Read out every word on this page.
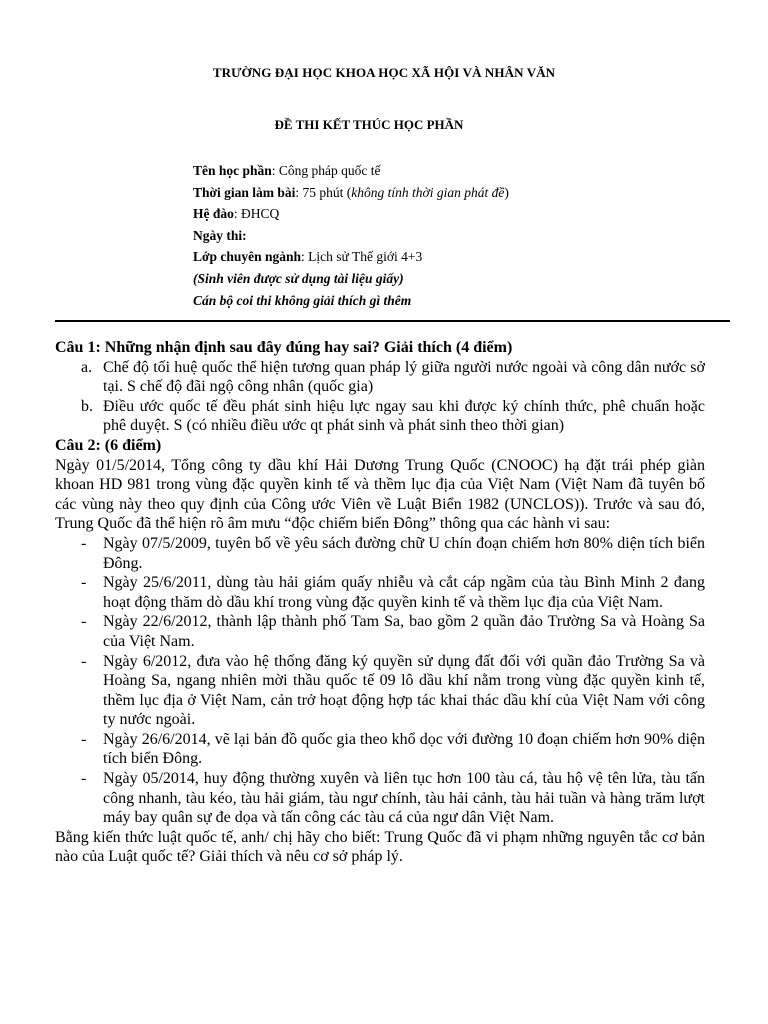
TRƯỜNG ĐẠI HỌC KHOA HỌC XÃ HỘI VÀ NHÂN VĂN
ĐỀ THI KẾT THÚC HỌC PHẦN
Tên học phần: Công pháp quốc tế
Thời gian làm bài: 75 phút (không tính thời gian phát đề)
Hệ đào: ĐHCQ
Ngày thi:
Lớp chuyên ngành: Lịch sử Thế giới 4+3
(Sinh viên được sử dụng tài liệu giấy)
Cán bộ coi thi không giải thích gì thêm

Câu 1: Những nhận định sau đây đúng hay sai? Giải thích (4 điểm)

a. Chế độ tối huệ quốc thể hiện tương quan pháp lý giữa người nước ngoài và công dân nước sở tại. S chế độ đãi ngộ công nhân (quốc gia)
b. Điều ước quốc tế đều phát sinh hiệu lực ngay sau khi được ký chính thức, phê chuẩn hoặc phê duyệt. S (có nhiều điều ước qt phát sinh và phát sinh theo thời gian)

Câu 2: (6 điểm)

Ngày 01/5/2014, Tổng công ty dầu khí Hải Dương Trung Quốc (CNOOC) hạ đặt trái phép giàn khoan HD 981 trong vùng đặc quyền kinh tế và thềm lục địa của Việt Nam (Việt Nam đã tuyên bố các vùng này theo quy định của Công ước Viên về Luật Biển 1982 (UNCLOS)). Trước và sau đó, Trung Quốc đã thể hiện rõ âm mưu “độc chiếm biển Đông” thông qua các hành vi sau:

- Ngày 07/5/2009, tuyên bố về yêu sách đường chữ U chín đoạn chiếm hơn 80% diện tích biển Đông.
- Ngày 25/6/2011, dùng tàu hải giám quấy nhiễu và cắt cáp ngầm của tàu Bình Minh 2 đang hoạt động thăm dò dầu khí trong vùng đặc quyền kinh tế và thềm lục địa của Việt Nam.
- Ngày 22/6/2012, thành lập thành phố Tam Sa, bao gồm 2 quần đảo Trường Sa và Hoàng Sa của Việt Nam.
- Ngày 6/2012, đưa vào hệ thống đăng ký quyền sử dụng đất đối với quần đảo Trường Sa và Hoàng Sa, ngang nhiên mời thầu quốc tế 09 lô dầu khí nằm trong vùng đặc quyền kinh tế, thềm lục địa ở Việt Nam, cản trở hoạt động hợp tác khai thác dầu khí của Việt Nam với công ty nước ngoài.
- Ngày 26/6/2014, vẽ lại bản đồ quốc gia theo khổ dọc với đường 10 đoạn chiếm hơn 90% diện tích biển Đông.
- Ngày 05/2014, huy động thường xuyên và liên tục hơn 100 tàu cá, tàu hộ vệ tên lửa, tàu tấn công nhanh, tàu kéo, tàu hải giám, tàu ngư chính, tàu hải cảnh, tàu hải tuần và hàng trăm lượt máy bay quân sự đe dọa và tấn công các tàu cá của ngư dân Việt Nam.

Bằng kiến thức luật quốc tế, anh/ chị hãy cho biết: Trung Quốc đã vi phạm những nguyên tắc cơ bản nào của Luật quốc tế? Giải thích và nêu cơ sở pháp lý.
